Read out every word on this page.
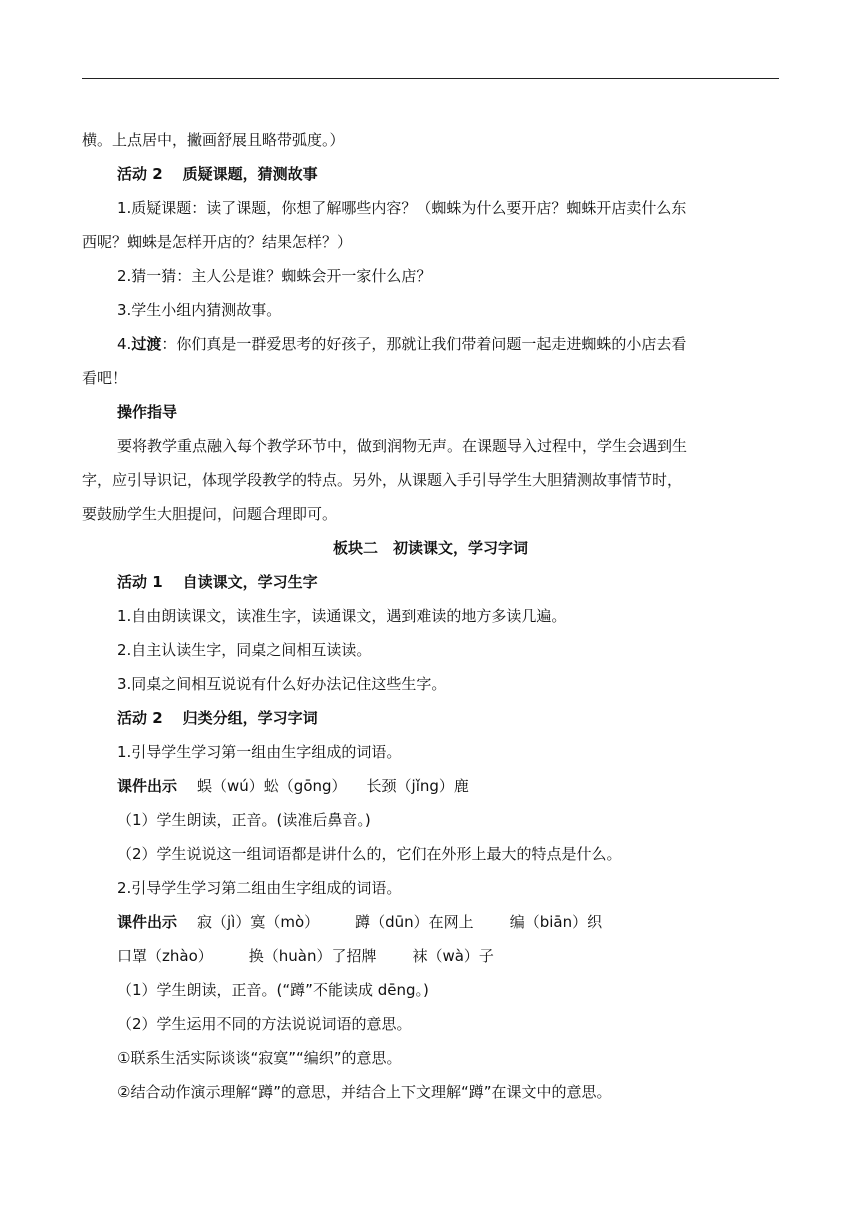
横。上点居中，撇画舒展且略带弧度。）
活动 2 质疑课题，猜测故事
1.质疑课题：读了课题，你想了解哪些内容？（蜘蛛为什么要开店？蜘蛛开店卖什么东
西呢？蜘蛛是怎样开店的？结果怎样？）
2.猜一猜：主人公是谁？蜘蛛会开一家什么店？
3.学生小组内猜测故事。
4.过渡：你们真是一群爱思考的好孩子，那就让我们带着问题一起走进蜘蛛的小店去看
看吧！
操作指导
要将教学重点融入每个教学环节中，做到润物无声。在课题导入过程中，学生会遇到生
字，应引导识记，体现学段教学的特点。另外，从课题入手引导学生大胆猜测故事情节时，
要鼓励学生大胆提问，问题合理即可。
板块二　初读课文，学习字词
活动 1 自读课文，学习生字
1.自由朗读课文，读准生字，读通课文，遇到难读的地方多读几遍。
2.自主认读生字，同桌之间相互读读。
3.同桌之间相互说说有什么好办法记住这些生字。
活动 2 归类分组，学习字词
1.引导学生学习第一组由生字组成的词语。
课件出示 蜈（wú）蚣（gōng） 长颈（jǐng）鹿
（1）学生朗读，正音。(读准后鼻音。)
（2）学生说说这一组词语都是讲什么的，它们在外形上最大的特点是什么。
2.引导学生学习第二组由生字组成的词语。
课件出示 寂（jì）寞（mò） 蹲（dūn）在网上 编（biān）织
口罩（zhào） 换（huàn）了招牌 袜（wà）子
（1）学生朗读，正音。(“蹲”不能读成 dēng。)
（2）学生运用不同的方法说说词语的意思。
①联系生活实际谈谈“寂寞”“编织”的意思。
②结合动作演示理解“蹲”的意思，并结合上下文理解“蹲”在课文中的意思。
